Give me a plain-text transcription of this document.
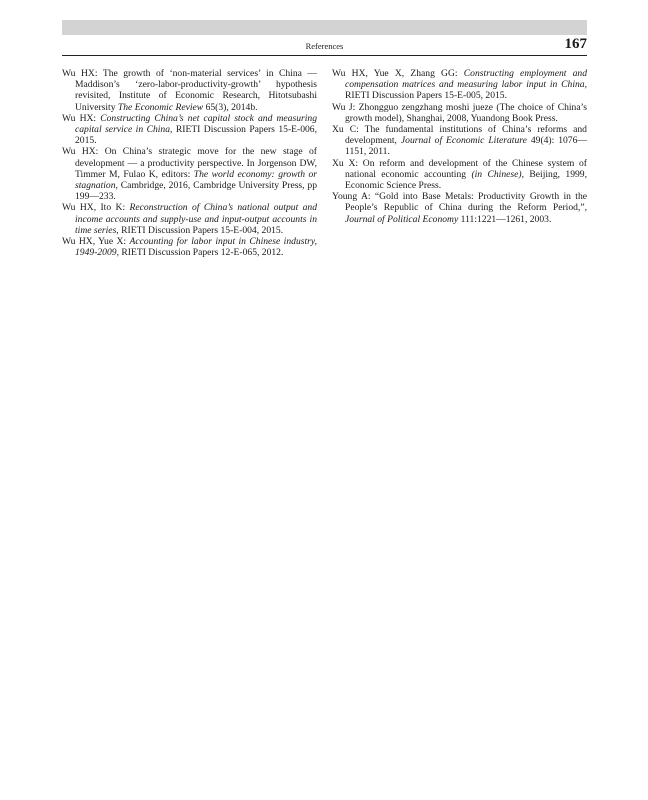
References	167

Wu HX: The growth of ‘non-material services’ in China — Maddison’s ‘zero-labor-productivity-growth’ hypothesis revisited, Institute of Economic Research, Hitotsubashi University The Economic Review 65(3), 2014b.

Wu HX: Constructing China’s net capital stock and measuring capital service in China, RIETI Discussion Papers 15-E-006, 2015.

Wu HX: On China’s strategic move for the new stage of development — a productivity perspective. In Jorgenson DW, Timmer M, Fulao K, editors: The world economy: growth or stagnation, Cambridge, 2016, Cambridge University Press, pp 199—233.

Wu HX, Ito K: Reconstruction of China’s national output and income accounts and supply-use and input-output accounts in time series, RIETI Discussion Papers 15-E-004, 2015.

Wu HX, Yue X: Accounting for labor input in Chinese industry, 1949-2009, RIETI Discussion Papers 12-E-065, 2012.

Wu HX, Yue X, Zhang GG: Constructing employment and compensation matrices and measuring labor input in China, RIETI Discussion Papers 15-E-005, 2015.

Wu J: Zhongguo zengzhang moshi jueze (The choice of China’s growth model), Shanghai, 2008, Yuandong Book Press.

Xu C: The fundamental institutions of China’s reforms and development, Journal of Economic Literature 49(4): 1076—1151, 2011.

Xu X: On reform and development of the Chinese system of national economic accounting (in Chinese), Beijing, 1999, Economic Science Press.

Young A: “Gold into Base Metals: Productivity Growth in the People’s Republic of China during the Reform Period,”, Journal of Political Economy 111:1221—1261, 2003.
